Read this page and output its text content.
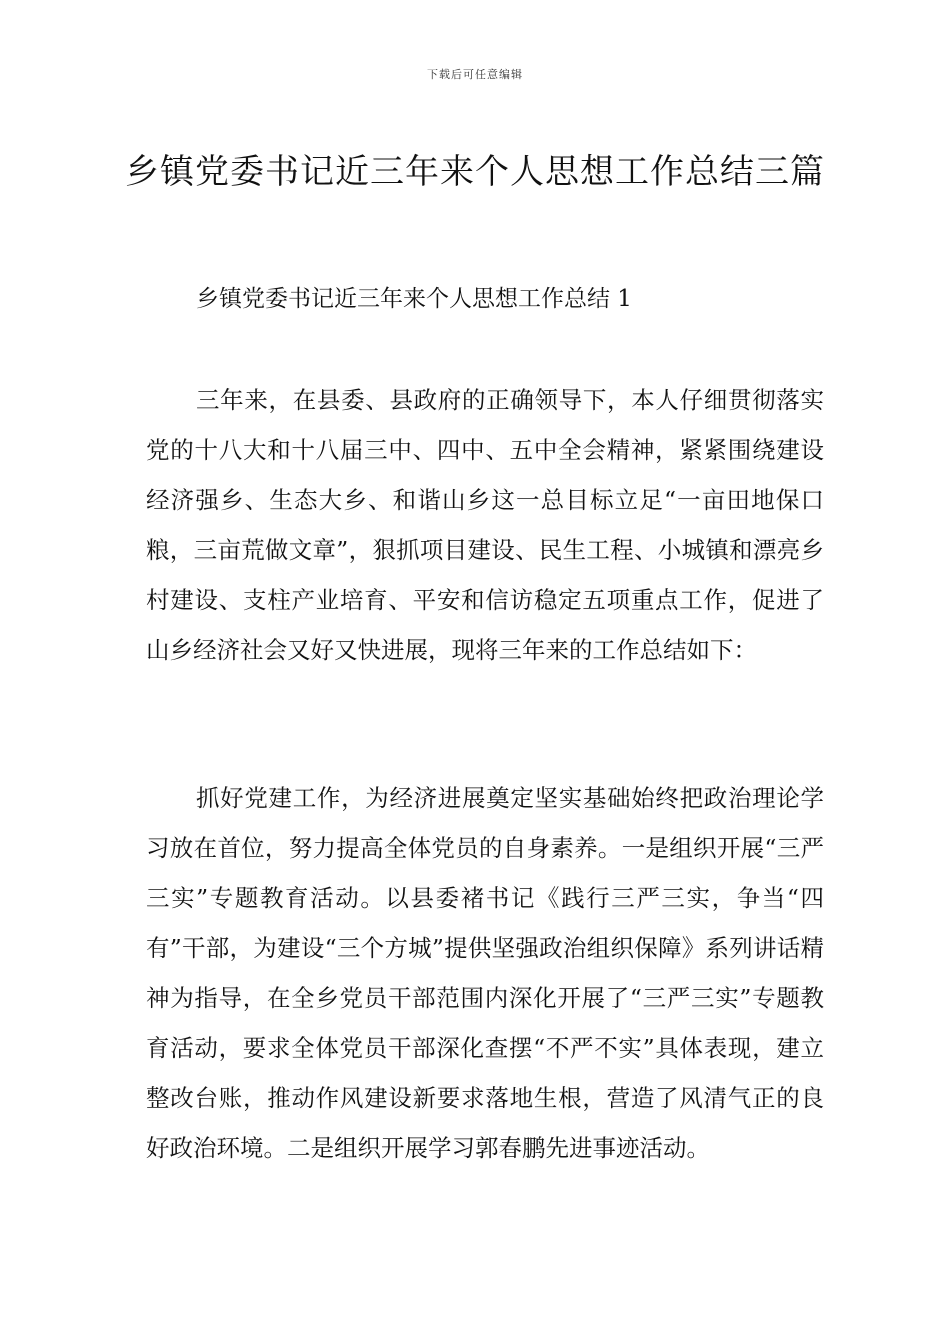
下载后可任意编辑
乡镇党委书记近三年来个人思想工作总结三篇
乡镇党委书记近三年来个人思想工作总结 1

三年来，在县委、县政府的正确领导下，本人仔细贯彻落实党的十八大和十八届三中、四中、五中全会精神，紧紧围绕建设经济强乡、生态大乡、和谐山乡这一总目标立足“一亩田地保口粮，三亩荒做文章”，狠抓项目建设、民生工程、小城镇和漂亮乡村建设、支柱产业培育、平安和信访稳定五项重点工作，促进了山乡经济社会又好又快进展，现将三年来的工作总结如下：

抓好党建工作，为经济进展奠定坚实基础始终把政治理论学习放在首位，努力提高全体党员的自身素养。一是组织开展“三严三实”专题教育活动。以县委褚书记《践行三严三实，争当“四有”干部，为建设“三个方城”提供坚强政治组织保障》系列讲话精神为指导，在全乡党员干部范围内深化开展了“三严三实”专题教育活动，要求全体党员干部深化查摆“不严不实”具体表现，建立整改台账，推动作风建设新要求落地生根，营造了风清气正的良好政治环境。二是组织开展学习郭春鹏先进事迹活动。
